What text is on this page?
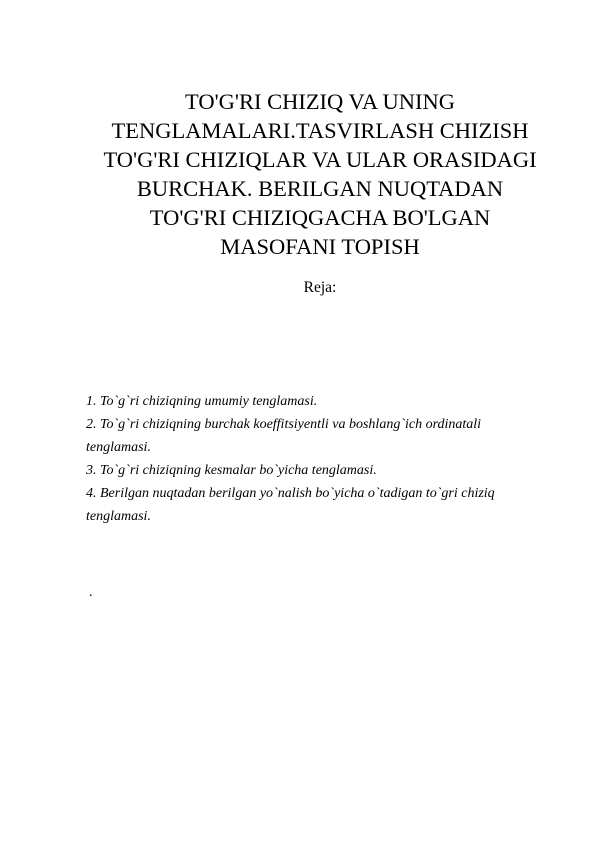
TO'G'RI CHIZIQ VA UNING
TENGLAMALARI.TASVIRLASH CHIZISH
TO'G'RI CHIZIQLAR VA ULAR ORASIDAGI
BURCHAK. BERILGAN NUQTADAN
TO'G'RI CHIZIQGACHA BO'LGAN
MASOFANI TOPISH
Reja:
1. To`g`ri chiziqning umumiy tenglamasi.
2. To`g`ri chiziqning burchak koeffitsiyentli va boshlang`ich ordinatali
tenglamasi.
3. To`g`ri chiziqning kesmalar bo`yicha tenglamasi.
4. Berilgan nuqtadan berilgan yo`nalish bo`yicha o`tadigan to`gri chiziq
tenglamasi.
.
